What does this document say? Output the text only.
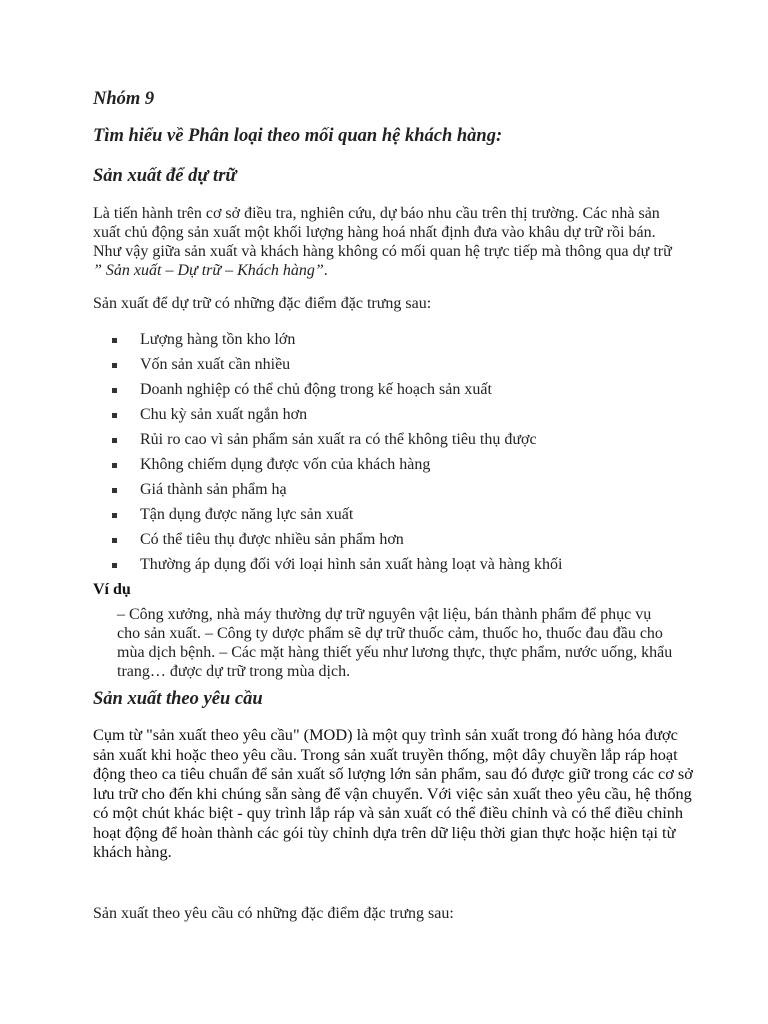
Nhóm 9
Tìm hiểu về Phân loại theo mối quan hệ khách hàng:
Sản xuất để dự trữ
Là tiến hành trên cơ sở điều tra, nghiên cứu, dự báo nhu cầu trên thị trường. Các nhà sản xuất chủ động sản xuất một khối lượng hàng hoá nhất định đưa vào khâu dự trữ rồi bán. Như vậy giữa sản xuất và khách hàng không có mối quan hệ trực tiếp mà thông qua dự trữ ” Sản xuất – Dự trữ – Khách hàng”.
Sản xuất để dự trữ có những đặc điểm đặc trưng sau:
Lượng hàng tồn kho lớn
Vốn sản xuất cần nhiều
Doanh nghiệp có thể chủ động trong kế hoạch sản xuất
Chu kỳ sản xuất ngắn hơn
Rủi ro cao vì sản phẩm sản xuất ra có thể không tiêu thụ được
Không chiếm dụng được vốn của khách hàng
Giá thành sản phẩm hạ
Tận dụng được năng lực sản xuất
Có thể tiêu thụ được nhiều sản phẩm hơn
Thường áp dụng đối với loại hình sản xuất hàng loạt và hàng khối
Ví dụ
– Công xưởng, nhà máy thường dự trữ nguyên vật liệu, bán thành phẩm để phục vụ cho sản xuất. – Công ty dược phẩm sẽ dự trữ thuốc cảm, thuốc ho, thuốc đau đầu cho mùa dịch bệnh. – Các mặt hàng thiết yếu như lương thực, thực phẩm, nước uống, khẩu trang… được dự trữ trong mùa dịch.
Sản xuất theo yêu cầu
Cụm từ "sản xuất theo yêu cầu" (MOD) là một quy trình sản xuất trong đó hàng hóa được sản xuất khi hoặc theo yêu cầu. Trong sản xuất truyền thống, một dây chuyền lắp ráp hoạt động theo ca tiêu chuẩn để sản xuất số lượng lớn sản phẩm, sau đó được giữ trong các cơ sở lưu trữ cho đến khi chúng sẵn sàng để vận chuyển. Với việc sản xuất theo yêu cầu, hệ thống có một chút khác biệt - quy trình lắp ráp và sản xuất có thể điều chỉnh và có thể điều chỉnh hoạt động để hoàn thành các gói tùy chỉnh dựa trên dữ liệu thời gian thực hoặc hiện tại từ khách hàng.
Sản xuất theo yêu cầu có những đặc điểm đặc trưng sau:
